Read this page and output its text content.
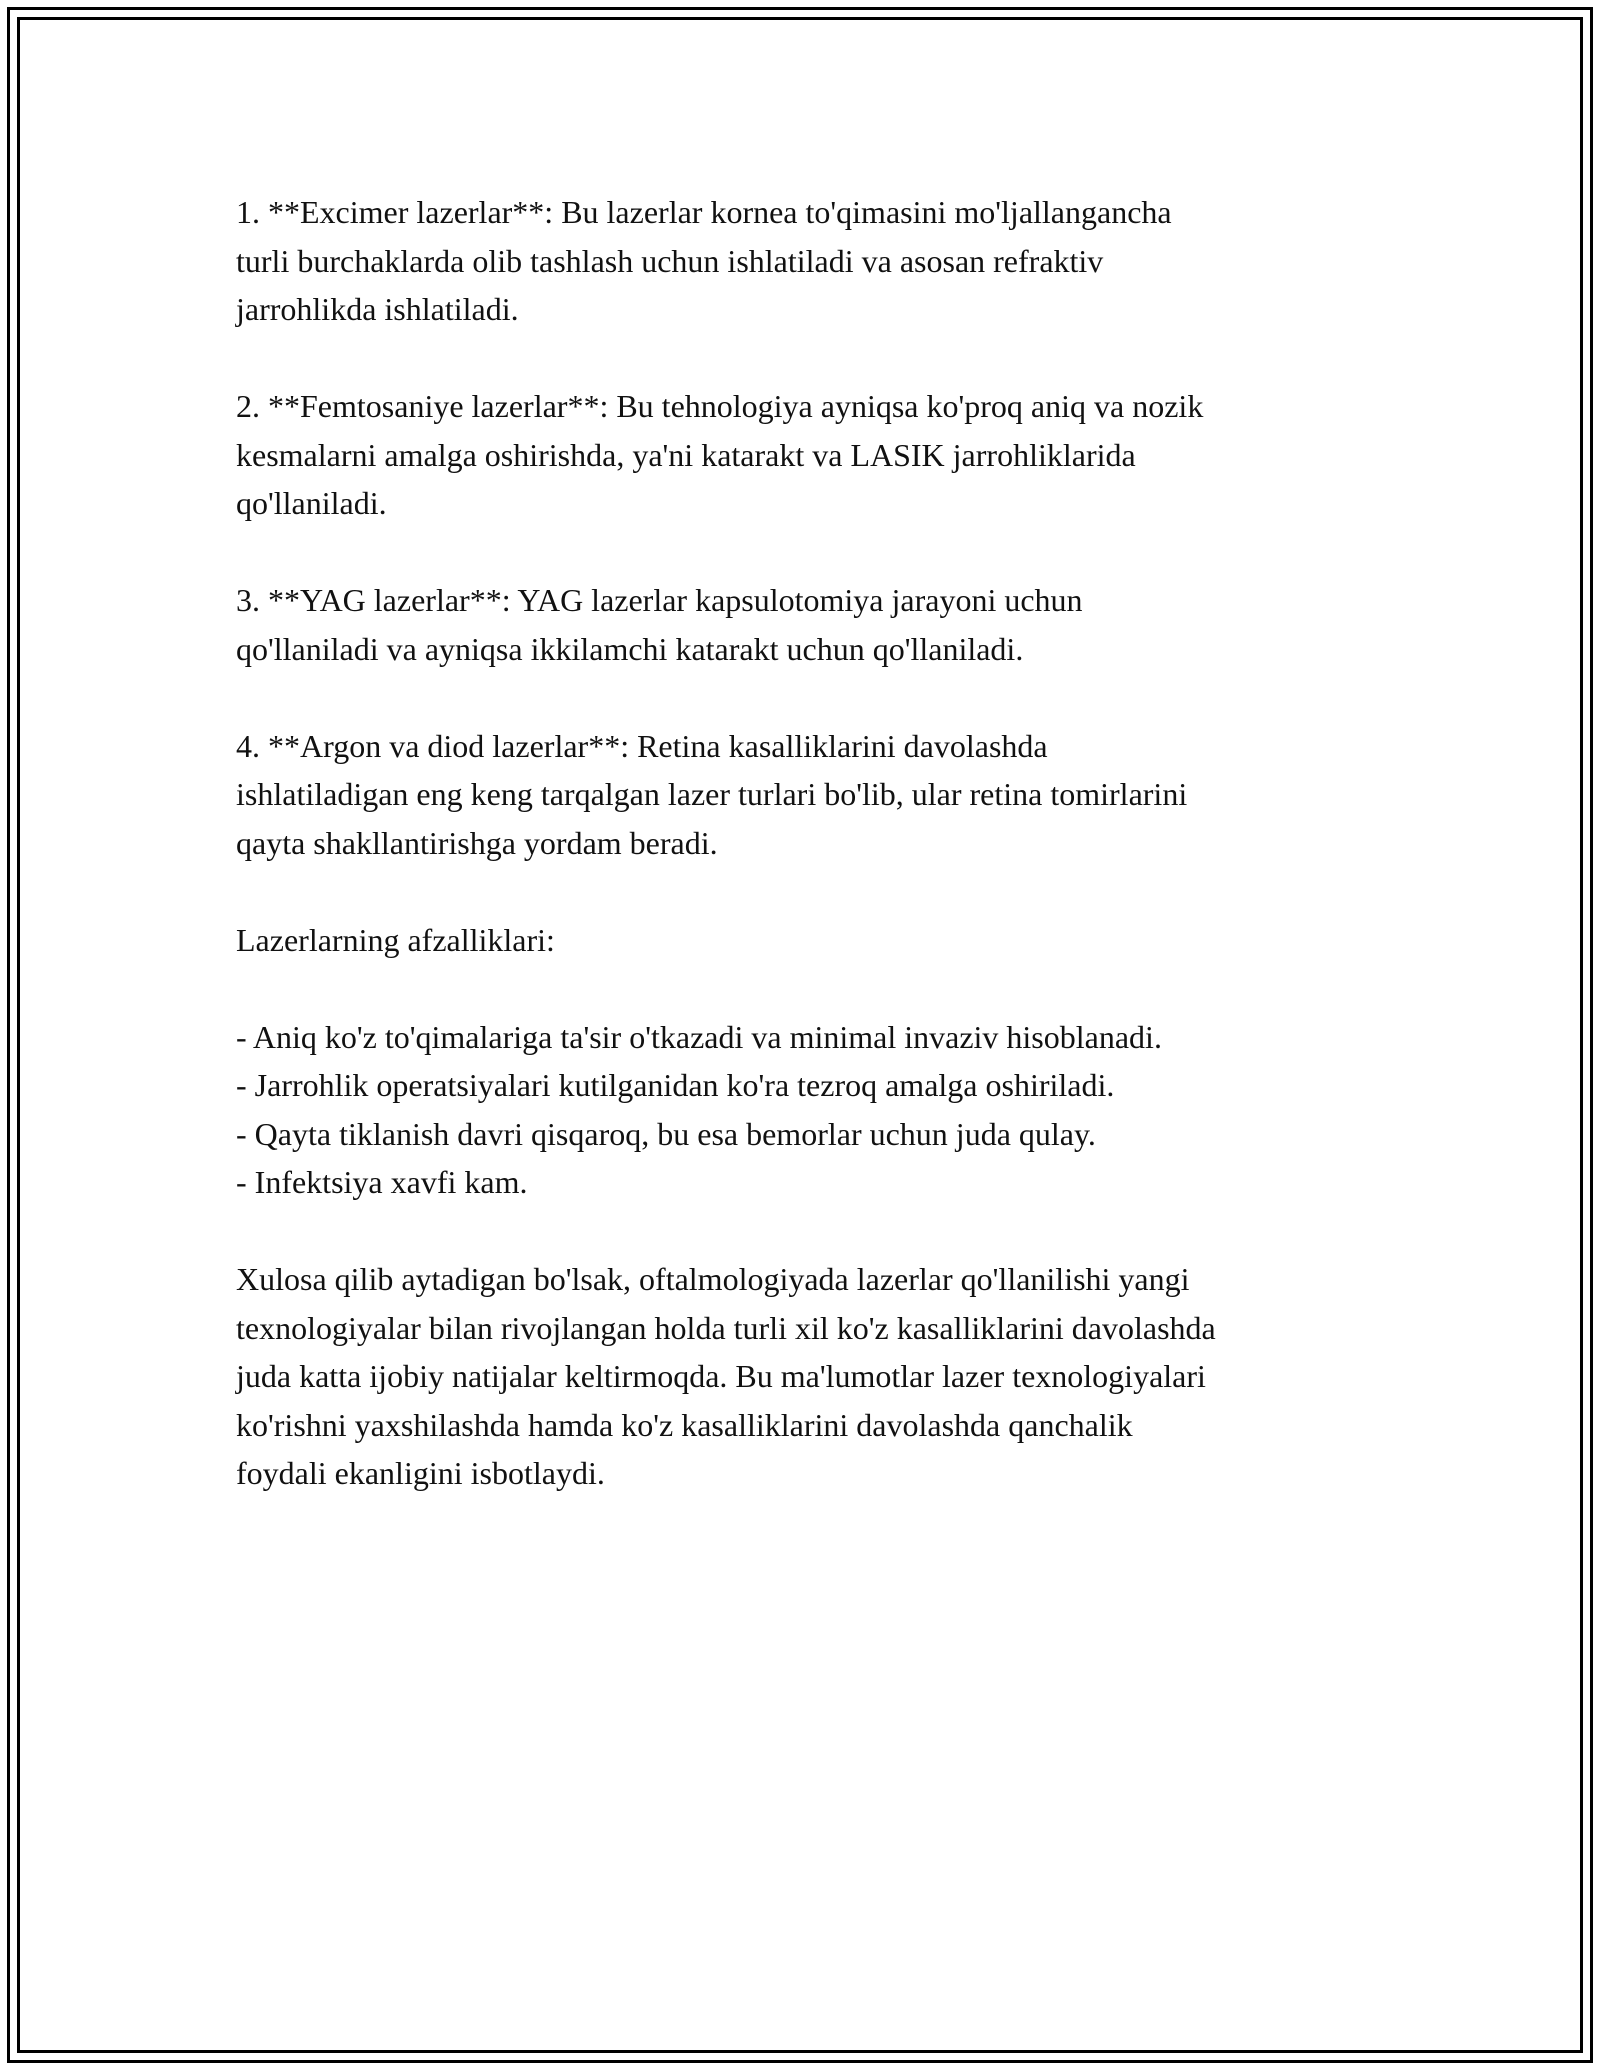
1. **Excimer lazerlar**: Bu lazerlar kornea to'qimasini mo'ljallangancha
turli burchaklarda olib tashlash uchun ishlatiladi va asosan refraktiv
jarrohlikda ishlatiladi.

2. **Femtosaniye lazerlar**: Bu tehnologiya ayniqsa ko'proq aniq va nozik
kesmalarni amalga oshirishda, ya'ni katarakt va LASIK jarrohliklarida
qo'llaniladi.

3. **YAG lazerlar**: YAG lazerlar kapsulotomiya jarayoni uchun
qo'llaniladi va ayniqsa ikkilamchi katarakt uchun qo'llaniladi.

4. **Argon va diod lazerlar**: Retina kasalliklarini davolashda
ishlatiladigan eng keng tarqalgan lazer turlari bo'lib, ular retina tomirlarini
qayta shakllantirishga yordam beradi.

Lazerlarning afzalliklari:

- Aniq ko'z to'qimalariga ta'sir o'tkazadi va minimal invaziv hisoblanadi.
- Jarrohlik operatsiyalari kutilganidan ko'ra tezroq amalga oshiriladi.
- Qayta tiklanish davri qisqaroq, bu esa bemorlar uchun juda qulay.
- Infektsiya xavfi kam.

Xulosa qilib aytadigan bo'lsak, oftalmologiyada lazerlar qo'llanilishi yangi
texnologiyalar bilan rivojlangan holda turli xil ko'z kasalliklarini davolashda
juda katta ijobiy natijalar keltirmoqda. Bu ma'lumotlar lazer texnologiyalari
ko'rishni yaxshilashda hamda ko'z kasalliklarini davolashda qanchalik
foydali ekanligini isbotlaydi.
